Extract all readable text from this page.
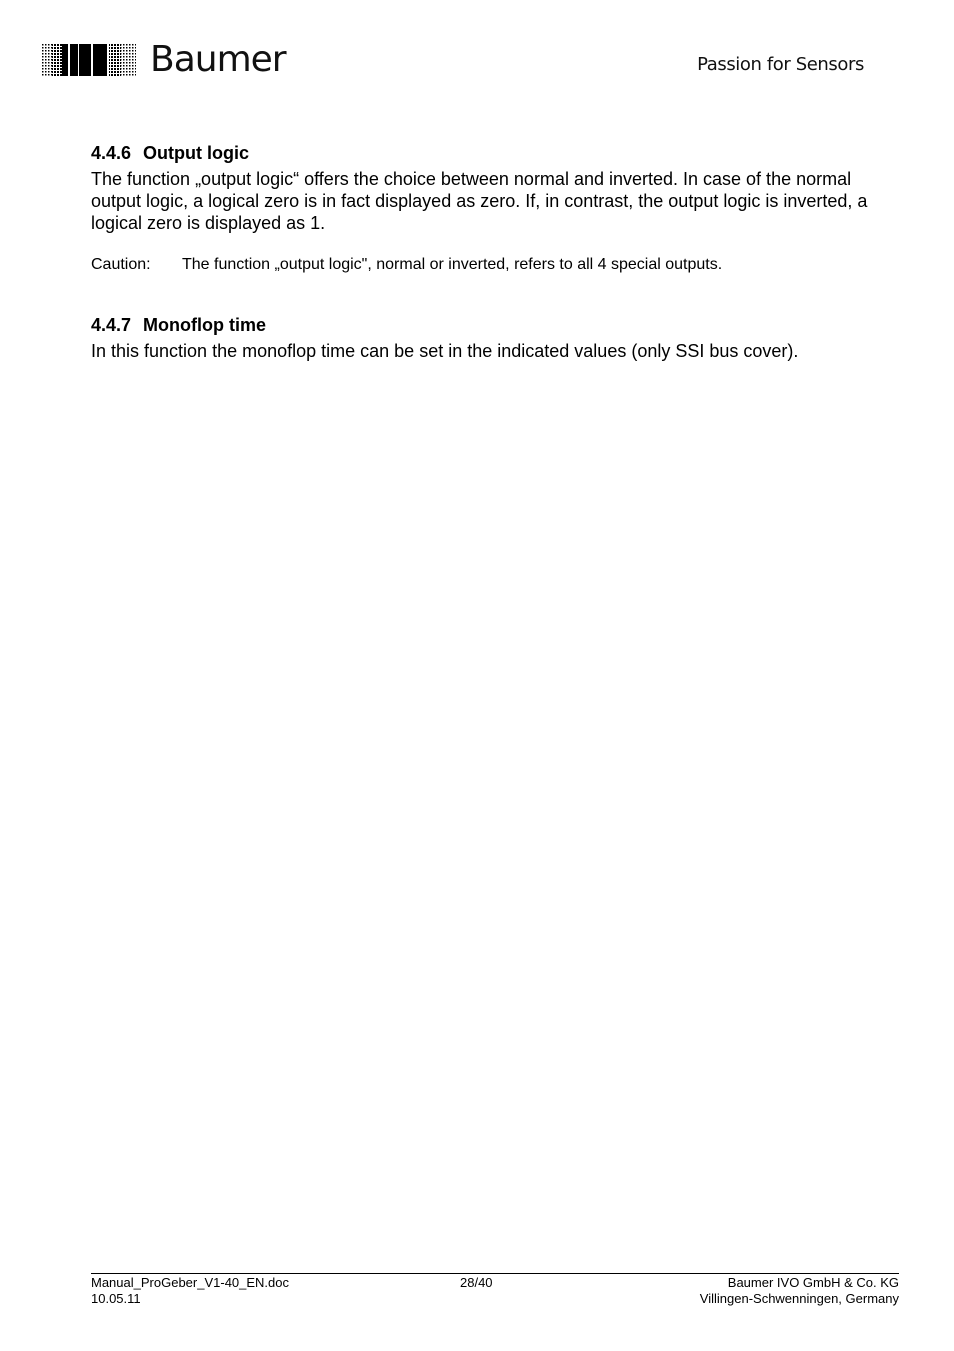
Baumer	Passion for Sensors
4.4.6 Output logic

The function „output logic“ offers the choice between normal and inverted. In case of the normal output logic, a logical zero is in fact displayed as zero. If, in contrast, the output logic is inverted, a logical zero is displayed as 1.

Caution:	The function „output logic", normal or inverted, refers to all 4 special outputs.
4.4.7 Monoflop time

In this function the monoflop time can be set in the indicated values (only SSI bus cover).

Manual_ProGeber_V1-40_EN.doc
10.05.11
28/40	Baumer IVO GmbH & Co. KG
Villingen-Schwenningen, Germany
